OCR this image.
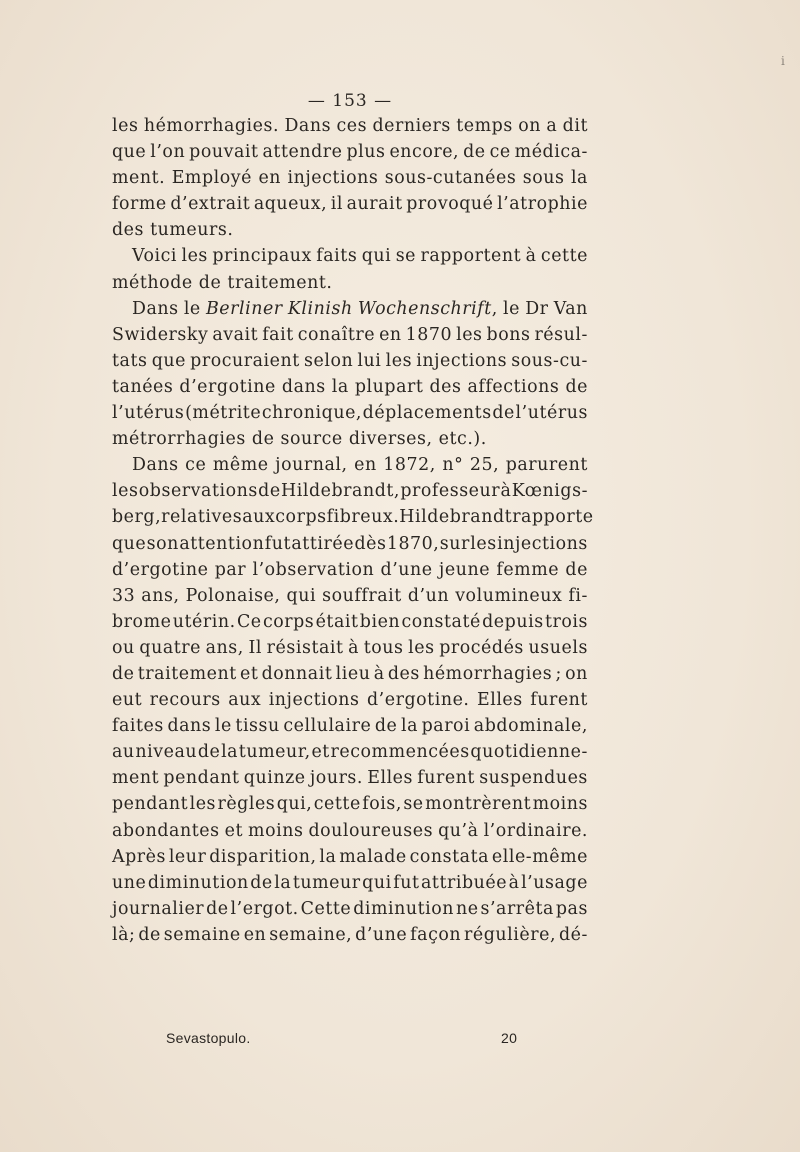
i
— 153 —
les hémorrhagies. Dans ces derniers temps on a dit
que l’on pouvait attendre plus encore, de ce médica-
ment. Employé en injections sous-cutanées sous la
forme d’extrait aqueux, il aurait provoqué l’atrophie
des tumeurs.
Voici les principaux faits qui se rapportent à cette
méthode de traitement.
Dans le Berliner Klinish Wochenschrift, le Dr Van
Swidersky avait fait conaître en 1870 les bons résul-
tats que procuraient selon lui les injections sous-cu-
tanées d’ergotine dans la plupart des affections de
l’utérus (métrite chronique, déplacements de l’utérus
métrorrhagies de source diverses, etc.).
Dans ce même journal, en 1872, n° 25, parurent
les observations de Hildebrandt, professeur à Kœnigs-
berg, relatives aux corps fibreux. Hildebrandt rapporte
que son attention fut attirée dès 1870, sur les injections
d’ergotine par l’observation d’une jeune femme de
33 ans, Polonaise, qui souffrait d’un volumineux fi-
brome utérin. Ce corps était bien constaté depuis trois
ou quatre ans, Il résistait à tous les procédés usuels
de traitement et donnait lieu à des hémorrhagies ; on
eut recours aux injections d’ergotine. Elles furent
faites dans le tissu cellulaire de la paroi abdominale,
au niveau de la tumeur, et recommencées quotidienne-
ment pendant quinze jours. Elles furent suspendues
pendant les règles qui, cette fois, se montrèrent moins
abondantes et moins douloureuses qu’à l’ordinaire.
Après leur disparition, la malade constata elle-même
une diminution de la tumeur qui fut attribuée à l’usage
journalier de l’ergot. Cette diminution ne s’arrêta pas
là; de semaine en semaine, d’une façon régulière, dé-
Sevastopulo.	20
